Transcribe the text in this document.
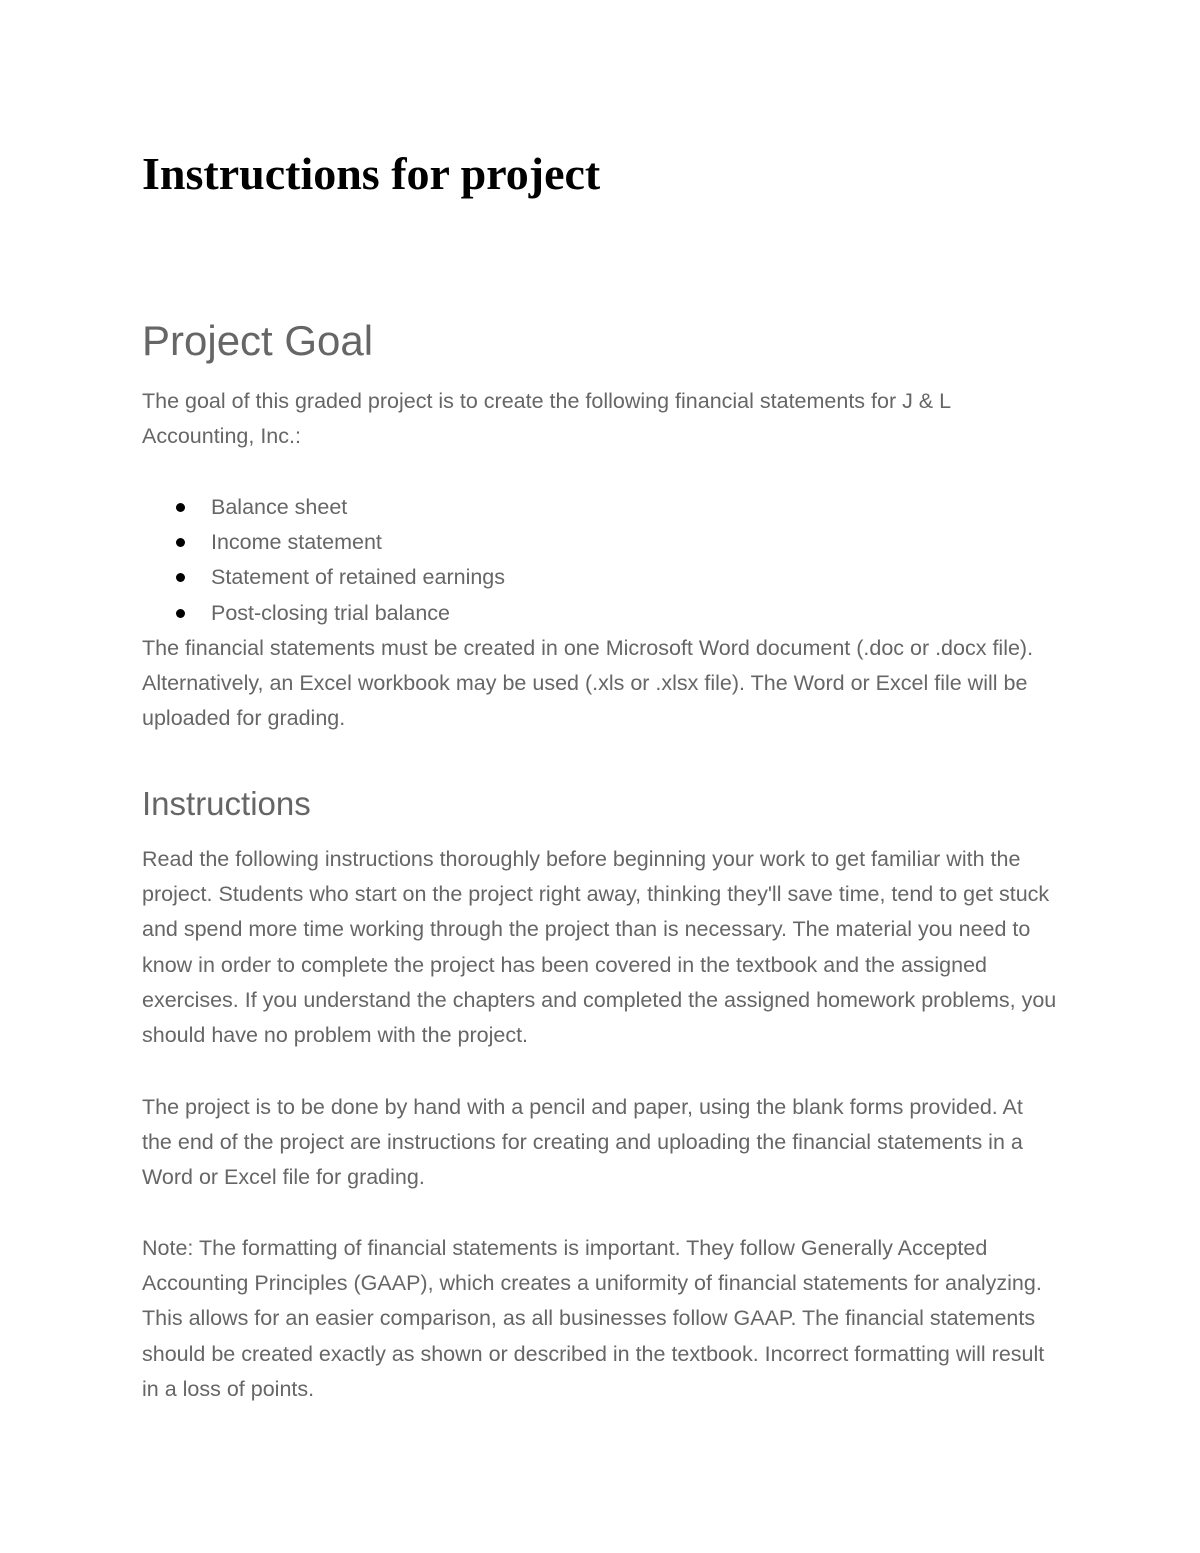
Instructions for project
Project Goal

The goal of this graded project is to create the following financial statements for J & L Accounting, Inc.:

Balance sheet
Income statement
Statement of retained earnings
Post-closing trial balance

The financial statements must be created in one Microsoft Word document (.doc or .docx file). Alternatively, an Excel workbook may be used (.xls or .xlsx file). The Word or Excel file will be uploaded for grading.

Instructions

Read the following instructions thoroughly before beginning your work to get familiar with the project. Students who start on the project right away, thinking they'll save time, tend to get stuck and spend more time working through the project than is necessary. The material you need to know in order to complete the project has been covered in the textbook and the assigned exercises. If you understand the chapters and completed the assigned homework problems, you should have no problem with the project.

The project is to be done by hand with a pencil and paper, using the blank forms provided. At the end of the project are instructions for creating and uploading the financial statements in a Word or Excel file for grading.

Note: The formatting of financial statements is important. They follow Generally Accepted Accounting Principles (GAAP), which creates a uniformity of financial statements for analyzing. This allows for an easier comparison, as all businesses follow GAAP. The financial statements should be created exactly as shown or described in the textbook. Incorrect formatting will result in a loss of points.
